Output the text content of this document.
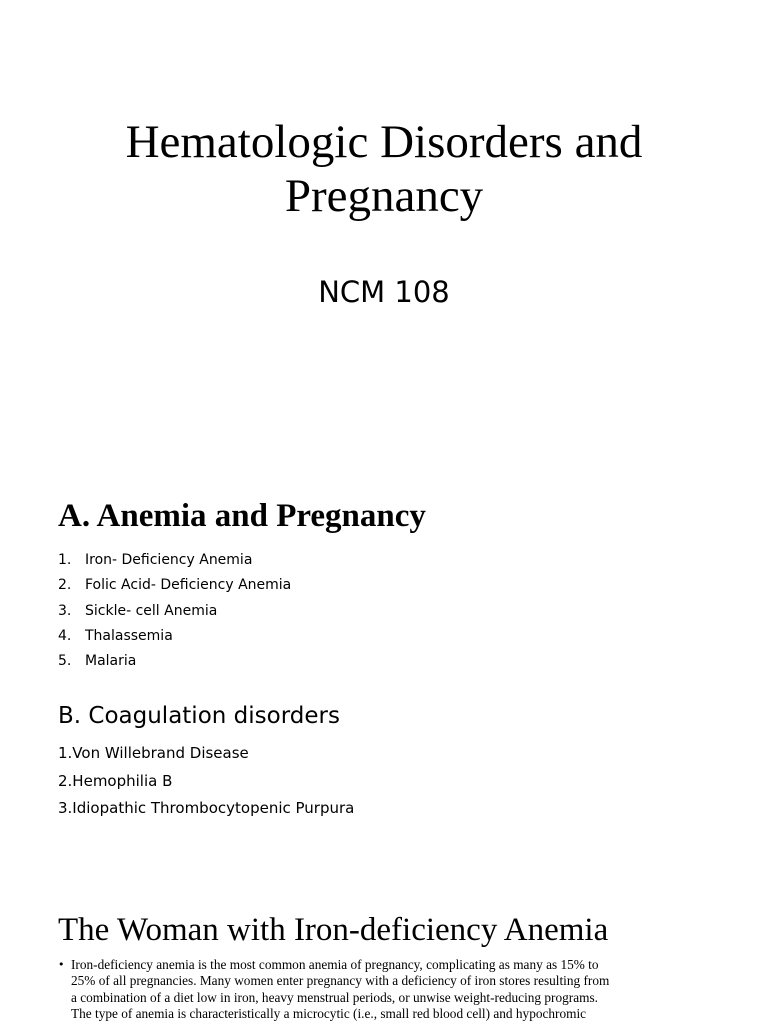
Hematologic Disorders and
Pregnancy
NCM 108
A. Anemia and Pregnancy
1. Iron- Deficiency Anemia
2. Folic Acid- Deficiency Anemia
3. Sickle- cell Anemia
4. Thalassemia
5. Malaria
B. Coagulation disorders
1.Von Willebrand Disease
2.Hemophilia B
3.Idiopathic Thrombocytopenic Purpura
The Woman with Iron-deficiency Anemia
• Iron-deficiency anemia is the most common anemia of pregnancy, complicating as many as 15% to
25% of all pregnancies. Many women enter pregnancy with a deficiency of iron stores resulting from
a combination of a diet low in iron, heavy menstrual periods, or unwise weight-reducing programs.
The type of anemia is characteristically a microcytic (i.e., small red blood cell) and hypochromic
